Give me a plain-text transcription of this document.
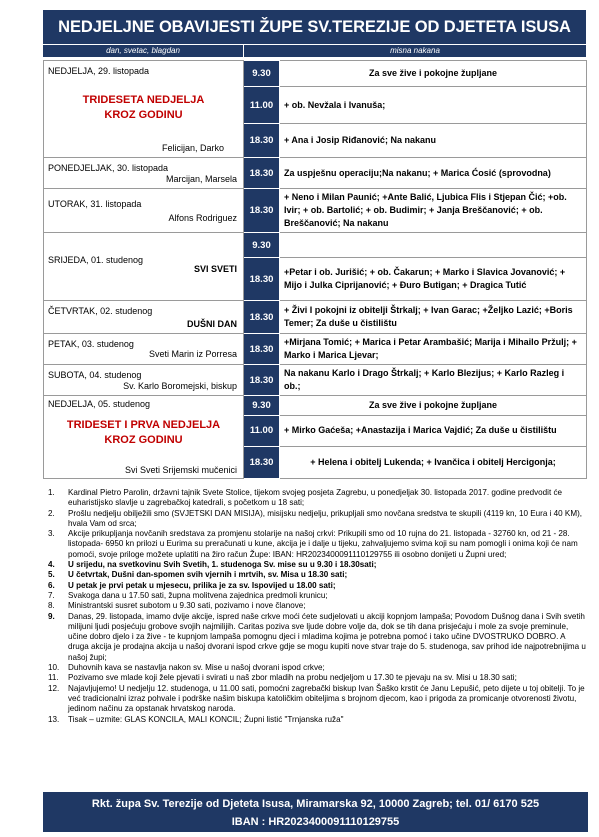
NEDJELJNE OBAVIJESTI ŽUPE SV.TEREZIJE OD DJETETA ISUSA
dan, svetac, blagdan	misna nakana
NEDJELJA, 29. listopada
TRIDESETA NEDJELJA KROZ GODINU
Felicijan, Darko	9.30	Za sve žive i pokojne župljane
	11.00	+ ob. Nevžala i Ivanuša;
	18.30	+ Ana i Josip Riđanović; Na nakanu

PONEDJELJAK, 30. listopada
Marcijan, Marsela	18.30	Za uspješnu operaciju;Na nakanu; + Marica Ćosić (sprovodna)

UTORAK, 31. listopada
Alfons Rodriguez	18.30	+ Neno i Milan Paunić; +Ante Balić, Ljubica Flis i Stjepan Čić; +ob. Ivir; + ob. Bartolić; + ob. Budimir; + Janja Breščanović; + ob. Breščanović; Na nakanu

SRIJEDA, 01. studenog
SVI SVETI	9.30	
	18.30	+Petar i ob. Jurišić; + ob. Čakarun; + Marko i Slavica Jovanović; + Mijo i Julka Ciprijanović; + Đuro Butigan; + Dragica Tutić

ČETVRTAK, 02. studenog
DUŠNI DAN	18.30	+ Živi I pokojni iz obitelji Štrkalj; + Ivan Garac; +Željko Lazić; +Boris Temer; Za duše u čistilištu

PETAK, 03. studenog
Sveti Marin iz Porresa	18.30	+Mirjana Tomić; + Marica i Petar Arambašić; Marija i Mihailo Pržulj; + Marko i Marica Ljevar;

SUBOTA, 04. studenog
Sv. Karlo Boromejski, biskup	18.30	Na nakanu Karlo i Drago Štrkalj; + Karlo Blezijus; + Karlo Razleg i ob.;

NEDJELJA, 05. studenog
TRIDESET I PRVA NEDJELJA KROZ GODINU
Svi Sveti Srijemski mučenici	9.30	Za sve žive i pokojne župljane
	11.00	+ Mirko Gaćeša; +Anastazija i Marica Vajdić; Za duše u čistilištu
	18.30	+ Helena i obitelj Lukenda; + Ivančica i obitelj Hercigonja;
1. Kardinal Pietro Parolin, državni tajnik Svete Stolice, tijekom svojeg posjeta Zagrebu, u ponedjeljak 30. listopada 2017. godine predvodit će euharistijsko slavlje u zagrebačkoj katedrali, s početkom u 18 sati;
2. Prošlu nedjelju obilježili smo (SVJETSKI DAN MISIJA), misijsku nedjelju, prikupljali smo novčana sredstva te skupili (4119 kn, 10 Eura i 40 KM), hvala Vam od srca;
3. Akcije prikupljanja novčanih sredstava za promjenu stolarije na našoj crkvi: Prikupili smo od 10 rujna do 21. listopada - 32760 kn, od 21 - 28. listopada- 6950 kn prilozi u Eurima su preračunati u kune, akcija je i dalje u tijeku, zahvaljujemo svima koji su nam pomogli i onima koji će nam pomoći, svoje priloge možete uplatiti na žiro račun Župe: IBAN: HR2023400091110129755 ili osobno donijeti u Župni ured;
4. U srijedu, na svetkovinu Svih Svetih, 1. studenoga Sv. mise su u 9.30 i 18.30sati;
5. U četvrtak, Dušni dan-spomen svih vjernih i mrtvih, sv. Misa u 18.30 sati;
6. U petak je prvi petak u mjesecu, prilika je za sv. Ispovijed u 18.00 sati;
7. Svakoga dana u 17.50 sati, župna molitvena zajednica predmoli krunicu;
8. Ministrantski susret subotom u 9.30 sati, pozivamo i nove članove;
9. Danas, 29. listopada, imamo dvije akcije, ispred naše crkve moći ćete sudjelovati u akciji kopnjom lampaša; Povodom Dušnog dana i Svih svetih milijuni ljudi posjećuju grobove svojih najmilijih. Caritas poziva sve ljude dobre volje da, dok se tih dana prisjećaju i mole za svoje preminule, učine dobro djelo i za žive - te kupnjom lampaša pomognu djeci i mladima kojima je potrebna pomoć i tako učine DVOSTRUKO DOBRO. A druga akcija je prodajna akcija u našoj dvorani ispod crkve gdje se mogu kupiti nove stvar traje do 5. studenoga, sav prihod ide najpotrebnijima u našoj župi;
10. Duhovnih kava se nastavlja nakon sv. Mise u našoj dvorani ispod crkve;
11. Pozivamo sve mlade koji žele pjevati i svirati u naš zbor mladih na probu nedjeljom u 17.30 te pjevaju na sv. Misi u 18.30 sati;
12. Najavljujemo! U nedjelju 12. studenoga, u 11.00 sati, pomoćni zagrebački biskup Ivan Šaško krstit će Janu Lepušić, peto dijete u toj obitelji. To je već tradicionalni izraz pohvale i podrške našim biskupa katoličkim obiteljima s brojnom djecom, kao i prigoda za promicanje otvorenosti životu, jedinom načinu za opstanak hrvatskog naroda.
13. Tisak – uzmite: GLAS KONCILA, MALI KONCIL; Župni listić "Trnjanska ruža"
Rkt. župa Sv. Terezije od Djeteta Isusa, Miramarska 92, 10000 Zagreb; tel. 01/ 6170 525
IBAN : HR2023400091110129755
